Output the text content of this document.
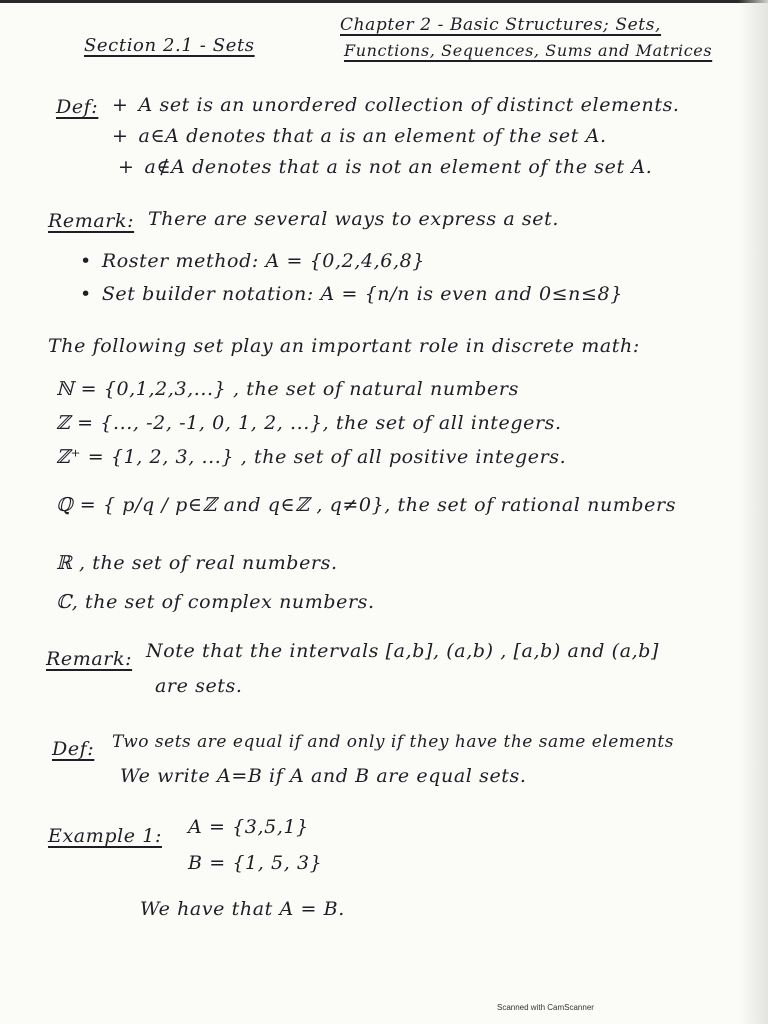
Section 2.1 - Sets
Chapter 2 - Basic Structures; Sets,
Functions, Sequences, Sums and Matrices
Def: + A set is an unordered collection of distinct elements.
+ a∈A denotes that a is an element of the set A.
+ a∉A denotes that a is not an element of the set A.
Remark: There are several ways to express a set.
• Roster method: A = {0,2,4,6,8}
• Set builder notation: A = {n/n is even and 0≤n≤8}
The following set play an important role in discrete math:
ℕ = {0,1,2,3,...} , the set of natural numbers
ℤ = {..., -2, -1, 0, 1, 2, ...}, the set of all integers.
ℤ⁺ = {1, 2, 3, ...} , the set of all positive integers.
ℚ = { p/q / p∈ℤ and q∈ℤ , q≠0}, the set of rational numbers
ℝ , the set of real numbers.
ℂ, the set of complex numbers.
Remark: Note that the intervals [a,b], (a,b) , [a,b) and (a,b]
are sets.
Def: Two sets are equal if and only if they have the same elements
We write A=B if A and B are equal sets.
Example 1: A = {3,5,1}
B = {1, 5, 3}
We have that A = B.
Scanned with CamScanner
